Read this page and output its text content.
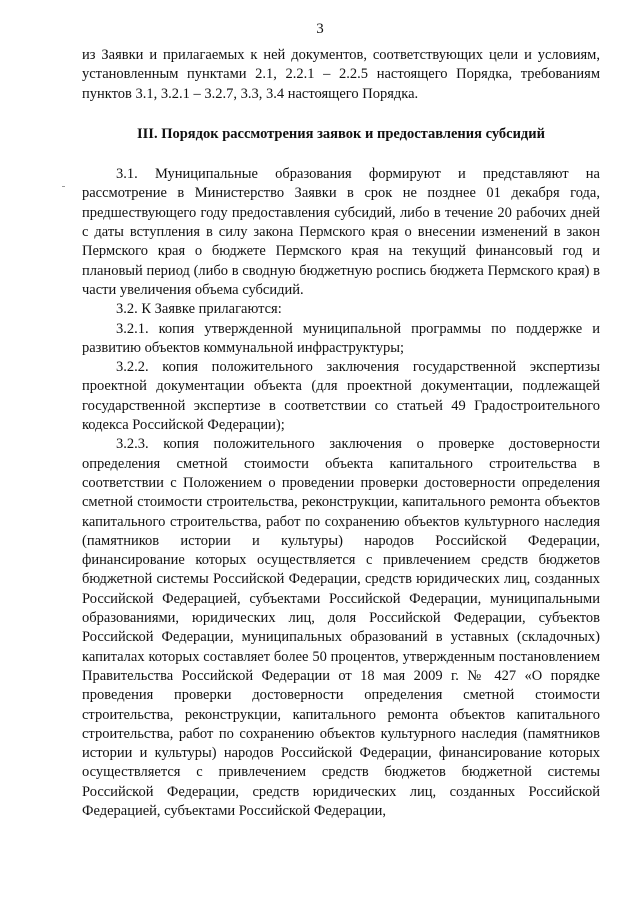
3

из Заявки и прилагаемых к ней документов, соответствующих цели и условиям, установленным пунктами 2.1, 2.2.1 – 2.2.5 настоящего Порядка, требованиям пунктов 3.1, 3.2.1 – 3.2.7, 3.3, 3.4 настоящего Порядка.

III. Порядок рассмотрения заявок и предоставления субсидий

3.1. Муниципальные образования формируют и представляют на рассмотрение в Министерство Заявки в срок не позднее 01 декабря года, предшествующего году предоставления субсидий, либо в течение 20 рабочих дней с даты вступления в силу закона Пермского края о внесении изменений в закон Пермского края о бюджете Пермского края на текущий финансовый год и плановый период (либо в сводную бюджетную роспись бюджета Пермского края) в части увеличения объема субсидий.

3.2. К Заявке прилагаются:

3.2.1. копия утвержденной муниципальной программы по поддержке и развитию объектов коммунальной инфраструктуры;

3.2.2. копия положительного заключения государственной экспертизы проектной документации объекта (для проектной документации, подлежащей государственной экспертизе в соответствии со статьей 49 Градостроительного кодекса Российской Федерации);

3.2.3. копия положительного заключения о проверке достоверности определения сметной стоимости объекта капитального строительства в соответствии с Положением о проведении проверки достоверности определения сметной стоимости строительства, реконструкции, капитального ремонта объектов капитального строительства, работ по сохранению объектов культурного наследия (памятников истории и культуры) народов Российской Федерации, финансирование которых осуществляется с привлечением средств бюджетов бюджетной системы Российской Федерации, средств юридических лиц, созданных Российской Федерацией, субъектами Российской Федерации, муниципальными образованиями, юридических лиц, доля Российской Федерации, субъектов Российской Федерации, муниципальных образований в уставных (складочных) капиталах которых составляет более 50 процентов, утвержденным постановлением Правительства Российской Федерации от 18 мая 2009 г. № 427 «О порядке проведения проверки достоверности определения сметной стоимости строительства, реконструкции, капитального ремонта объектов капитального строительства, работ по сохранению объектов культурного наследия (памятников истории и культуры) народов Российской Федерации, финансирование которых осуществляется с привлечением средств бюджетов бюджетной системы Российской Федерации, средств юридических лиц, созданных Российской Федерацией, субъектами Российской Федерации,
